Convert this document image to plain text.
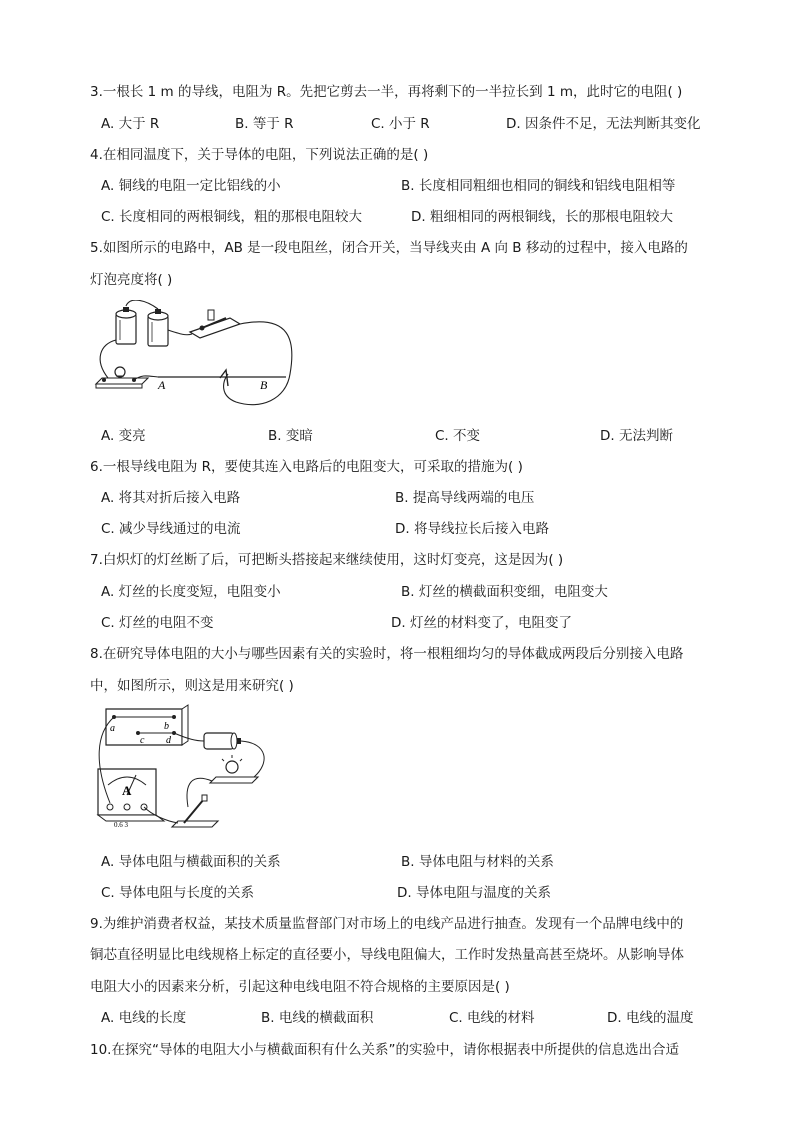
3.一根长 1 m 的导线，电阻为 R。先把它剪去一半，再将剩下的一半拉长到 1 m，此时它的电阻( )
A. 大于 R	B. 等于 R	C. 小于 R	D. 因条件不足，无法判断其变化
4.在相同温度下，关于导体的电阻，下列说法正确的是( )
A. 铜线的电阻一定比铝线的小	B. 长度相同粗细也相同的铜线和铝线电阻相等
C. 长度相同的两根铜线，粗的那根电阻较大	D. 粗细相同的两根铜线，长的那根电阻较大
5.如图所示的电路中，AB 是一段电阻丝，闭合开关，当导线夹由 A 向 B 移动的过程中，接入电路的
灯泡亮度将( )
A	B
A. 变亮	B. 变暗	C. 不变	D. 无法判断
6.一根导线电阻为 R，要使其连入电路后的电阻变大，可采取的措施为( )
A. 将其对折后接入电路	B. 提高导线两端的电压
C. 减少导线通过的电流	D. 将导线拉长后接入电路
7.白炽灯的灯丝断了后，可把断头搭接起来继续使用，这时灯变亮，这是因为( )
A. 灯丝的长度变短，电阻变小	B. 灯丝的横截面积变细，电阻变大
C. 灯丝的电阻不变	D. 灯丝的材料变了，电阻变了
8.在研究导体电阻的大小与哪些因素有关的实验时，将一根粗细均匀的导体截成两段后分别接入电路
中，如图所示，则这是用来研究( )
a	b
c d
A
0.6 3
A. 导体电阻与横截面积的关系	B. 导体电阻与材料的关系
C. 导体电阻与长度的关系	D. 导体电阻与温度的关系
9.为维护消费者权益，某技术质量监督部门对市场上的电线产品进行抽查。发现有一个品牌电线中的
铜芯直径明显比电线规格上标定的直径要小，导线电阻偏大，工作时发热量高甚至烧坏。从影响导体
电阻大小的因素来分析，引起这种电线电阻不符合规格的主要原因是( )
A. 电线的长度	B. 电线的横截面积	C. 电线的材料	D. 电线的温度
10.在探究“导体的电阻大小与横截面积有什么关系”的实验中，请你根据表中所提供的信息选出合适
